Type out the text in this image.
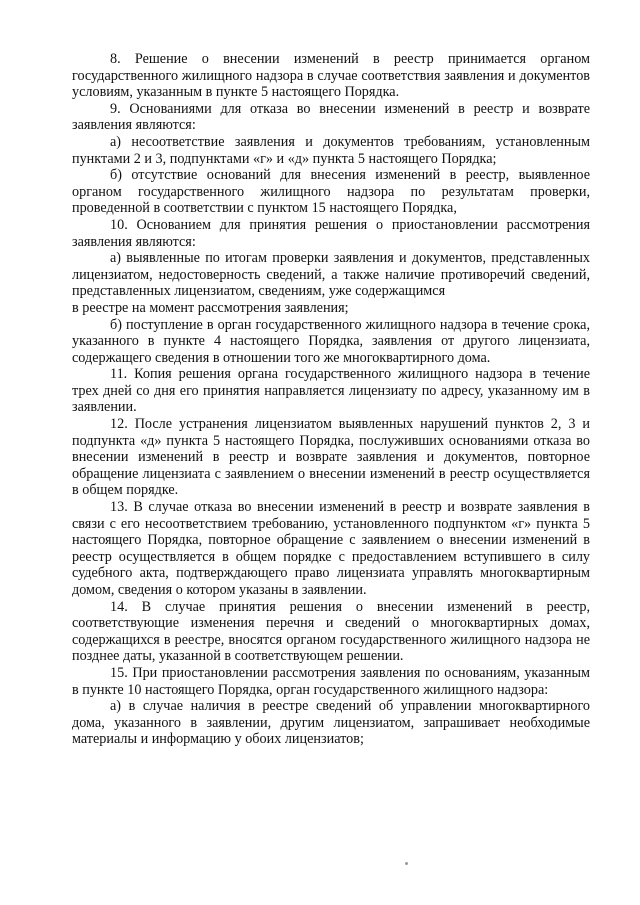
8. Решение о внесении изменений в реестр принимается органом государственного жилищного надзора в случае соответствия заявления и документов условиям, указанным в пункте 5 настоящего Порядка.

9. Основаниями для отказа во внесении изменений в реестр и возврате заявления являются:

а) несоответствие заявления и документов требованиям, установленным пунктами 2 и 3, подпунктами «г» и «д» пункта 5 настоящего Порядка;

б) отсутствие оснований для внесения изменений в реестр, выявленное органом государственного жилищного надзора по результатам проверки, проведенной в соответствии с пунктом 15 настоящего Порядка,

10. Основанием для принятия решения о приостановлении рассмотрения заявления являются:

а) выявленные по итогам проверки заявления и документов, представленных лицензиатом, недостоверность сведений, а также наличие противоречий сведений, представленных лицензиатом, сведениям, уже содержащимся

в реестре на момент рассмотрения заявления;

б) поступление в орган государственного жилищного надзора в течение срока, указанного в пункте 4 настоящего Порядка, заявления от другого лицензиата, содержащего сведения в отношении того же многоквартирного дома.

11. Копия решения органа государственного жилищного надзора в течение трех дней со дня его принятия направляется лицензиату по адресу, указанному им в заявлении.

12. После устранения лицензиатом выявленных нарушений пунктов 2, 3 и подпункта «д» пункта 5 настоящего Порядка, послуживших основаниями отказа во внесении изменений в реестр и возврате заявления и документов, повторное обращение лицензиата с заявлением о внесении изменений в реестр осуществляется в общем порядке.

13. В случае отказа во внесении изменений в реестр и возврате заявления в связи с его несоответствием требованию, установленного подпунктом «г» пункта 5 настоящего Порядка, повторное обращение с заявлением о внесении изменений в реестр осуществляется в общем порядке с предоставлением вступившего в силу судебного акта, подтверждающего право лицензиата управлять многоквартирным домом, сведения о котором указаны в заявлении.

14. В случае принятия решения о внесении изменений в реестр, соответствующие изменения перечня и сведений о многоквартирных домах, содержащихся в реестре, вносятся органом государственного жилищного надзора не позднее даты, указанной в соответствующем решении.

15. При приостановлении рассмотрения заявления по основаниям, указанным в пункте 10 настоящего Порядка, орган государственного жилищного надзора:

а) в случае наличия в реестре сведений об управлении многоквартирного дома, указанного в заявлении, другим лицензиатом, запрашивает необходимые материалы и информацию у обоих лицензиатов;
